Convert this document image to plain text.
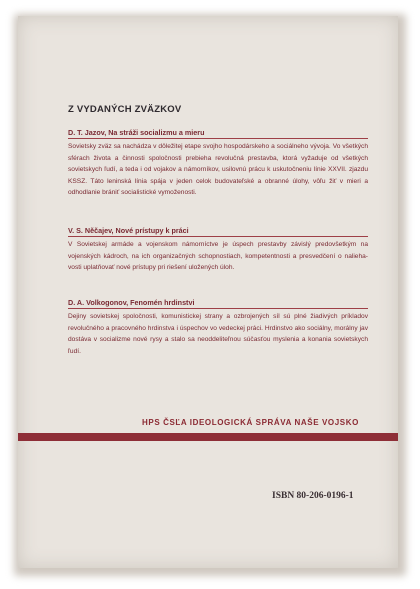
Z VYDANÝCH ZVÄZKOV
D. T. Jazov, Na stráži socializmu a mieru

Sovietsky zväz sa nachádza v dôležitej etape svojho hospodárskeho a sociálneho vývoja. Vo všetkých sférach života a činnosti spoločnosti prebieha revolučná prestavba, ktorá vyžaduje od všetkých sovietskych ľudí, a teda i od vojakov a námorníkov, usilovnú prácu k uskutočneniu línie XXVII. zjazdu KSSZ. Táto leninská línia spája v jeden celok budovateľské a obranné úlohy, vôľu žiť v mieri a odhodlanie brániť socialistické vymoženosti.

V. S. Něčajev, Nové prístupy k práci

V Sovietskej armáde a vojenskom námorníctve je úspech prestavby závislý predovšetkým na vojenských kádroch, na ich organizačných schopnostiach, kompetentnosti a presvedčení o naliehavosti uplatňovať nové prístupy pri riešení uložených úloh.

D. A. Volkogonov, Fenomén hrdinstvi

Dejiny sovietskej spoločnosti, komunistickej strany a ozbrojených síl sú plné žiadivých príkladov revolučného a pracovného hrdinstva i úspechov vo vedeckej práci. Hrdinstvo ako sociálny, morálny jav dostáva v socializme nové rysy a stalo sa neoddeliteľnou súčasťou myslenia a konania sovietskych ľudí.

HPS ČSĽA IDEOLOGICKÁ SPRÁVA NAŠE VOJSKO
ISBN 80-206-0196-1
